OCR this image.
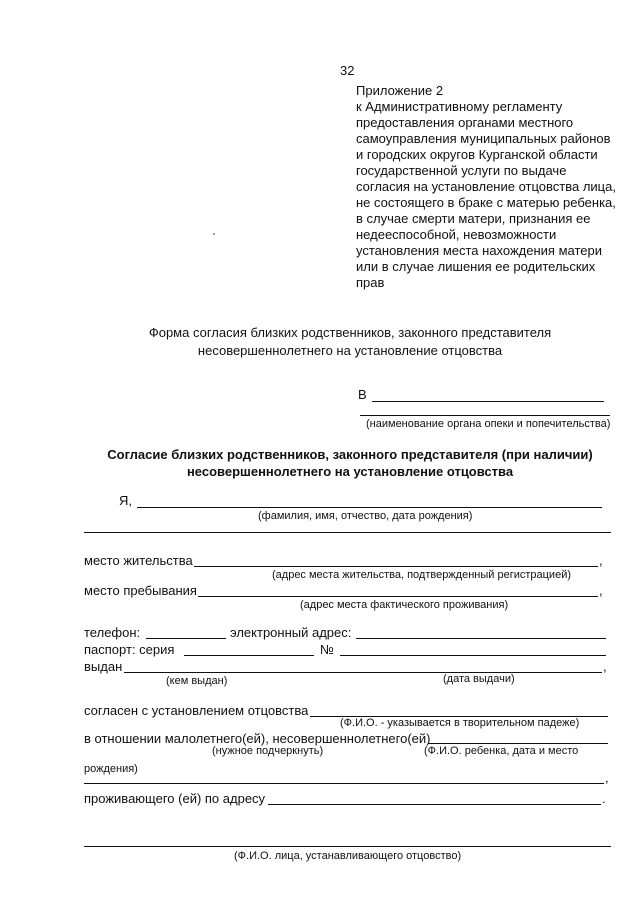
32
Приложение 2
к Административному регламенту
предоставления органами местного
самоуправления муниципальных районов
и городских округов Курганской области
государственной услуги по выдаче
согласия на установление отцовства лица,
не состоящего в браке с матерью ребенка,
в случае смерти матери, признания ее
недееспособной, невозможности
установления места нахождения матери
или в случае лишения ее родительских
прав
Форма согласия близких родственников, законного представителя
несовершеннолетнего на установление отцовства
В
(наименование органа опеки и попечительства)
Согласие близких родственников, законного представителя (при наличии)
несовершеннолетнего на установление отцовства
Я,
(фамилия, имя, отчество, дата рождения)
место жительства	,
(адрес места жительства, подтвержденный регистрацией)
место пребывания	,
(адрес места фактического проживания)
телефон:	электронный адрес:
паспорт: серия	№
выдан	,
(кем выдан)	(дата выдачи)
согласен с установлением отцовства
(Ф.И.О. - указывается в творительном падеже)
в отношении малолетнего(ей), несовершеннолетнего(ей)
(нужное подчеркнуть)	(Ф.И.О. ребенка, дата и место
рождения)
,
проживающего (ей) по адресу	.
(Ф.И.О. лица, устанавливающего отцовство)
